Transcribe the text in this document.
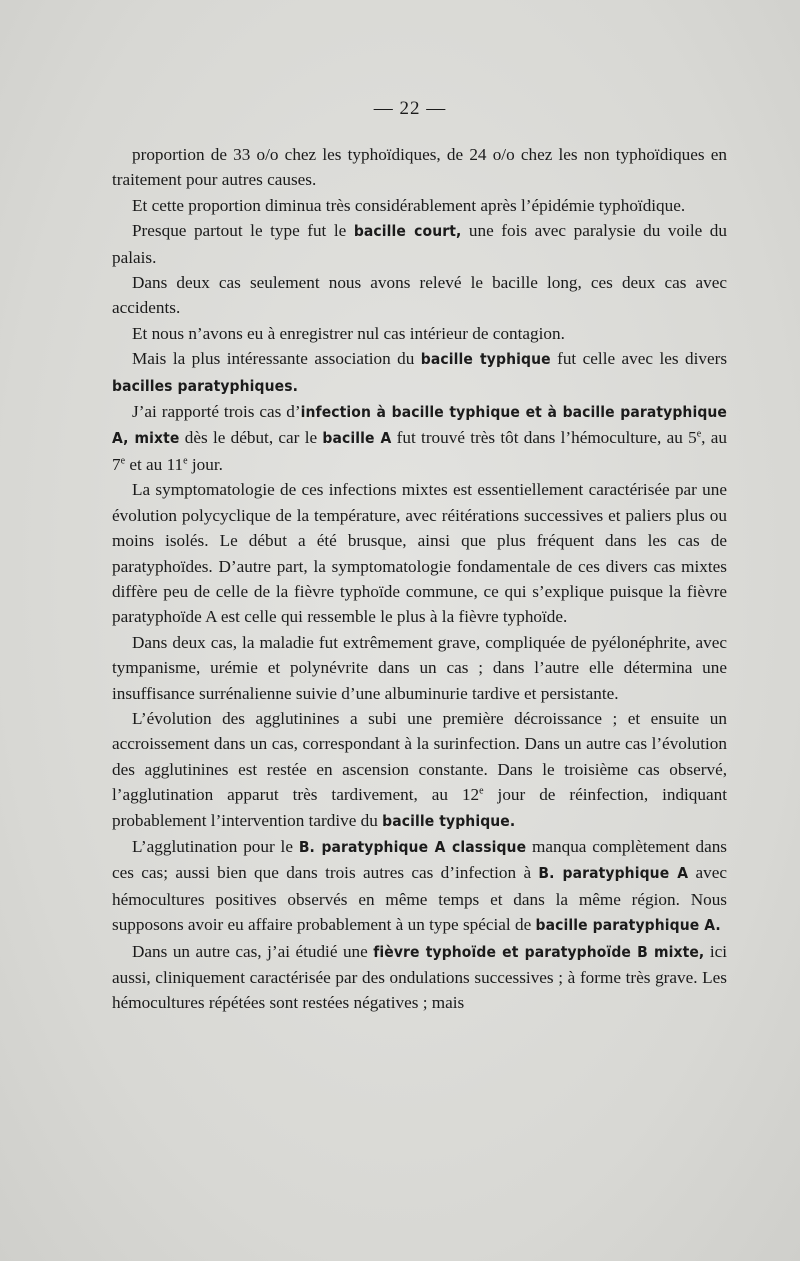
— 22 —

proportion de 33 o/o chez les typhoïdiques, de 24 o/o chez les non typhoïdiques en traitement pour autres causes.

Et cette proportion diminua très considérablement après l’épidémie typhoïdique.

Presque partout le type fut le bacille court, une fois avec paralysie du voile du palais.

Dans deux cas seulement nous avons relevé le bacille long, ces deux cas avec accidents.

Et nous n’avons eu à enregistrer nul cas intérieur de contagion.

Mais la plus intéressante association du bacille typhique fut celle avec les divers bacilles paratyphiques.

J’ai rapporté trois cas d’infection à bacille typhique et à bacille paratyphique A, mixte dès le début, car le bacille A fut trouvé très tôt dans l’hémoculture, au 5e, au 7e et au 11e jour.

La symptomatologie de ces infections mixtes est essentiellement caractérisée par une évolution polycyclique de la température, avec réitérations successives et paliers plus ou moins isolés. Le début a été brusque, ainsi que plus fréquent dans les cas de paratyphoïdes. D’autre part, la symptomatologie fondamentale de ces divers cas mixtes diffère peu de celle de la fièvre typhoïde commune, ce qui s’explique puisque la fièvre paratyphoïde A est celle qui ressemble le plus à la fièvre typhoïde.

Dans deux cas, la maladie fut extrêmement grave, compliquée de pyélonéphrite, avec tympanisme, urémie et polynévrite dans un cas ; dans l’autre elle détermina une insuffisance surrénalienne suivie d’une albuminurie tardive et persistante.

L’évolution des agglutinines a subi une première décroissance ; et ensuite un accroissement dans un cas, correspondant à la surinfection. Dans un autre cas l’évolution des agglutinines est restée en ascension constante. Dans le troisième cas observé, l’agglutination apparut très tardivement, au 12e jour de réinfection, indiquant probablement l’intervention tardive du bacille typhique.

L’agglutination pour le B. paratyphique A classique manqua complètement dans ces cas; aussi bien que dans trois autres cas d’infection à B. paratyphique A avec hémocultures positives observés en même temps et dans la même région. Nous supposons avoir eu affaire probablement à un type spécial de bacille paratyphique A.

Dans un autre cas, j’ai étudié une fièvre typhoïde et paratyphoïde B mixte, ici aussi, cliniquement caractérisée par des ondulations successives ; à forme très grave. Les hémocultures répétées sont restées négatives ; mais
